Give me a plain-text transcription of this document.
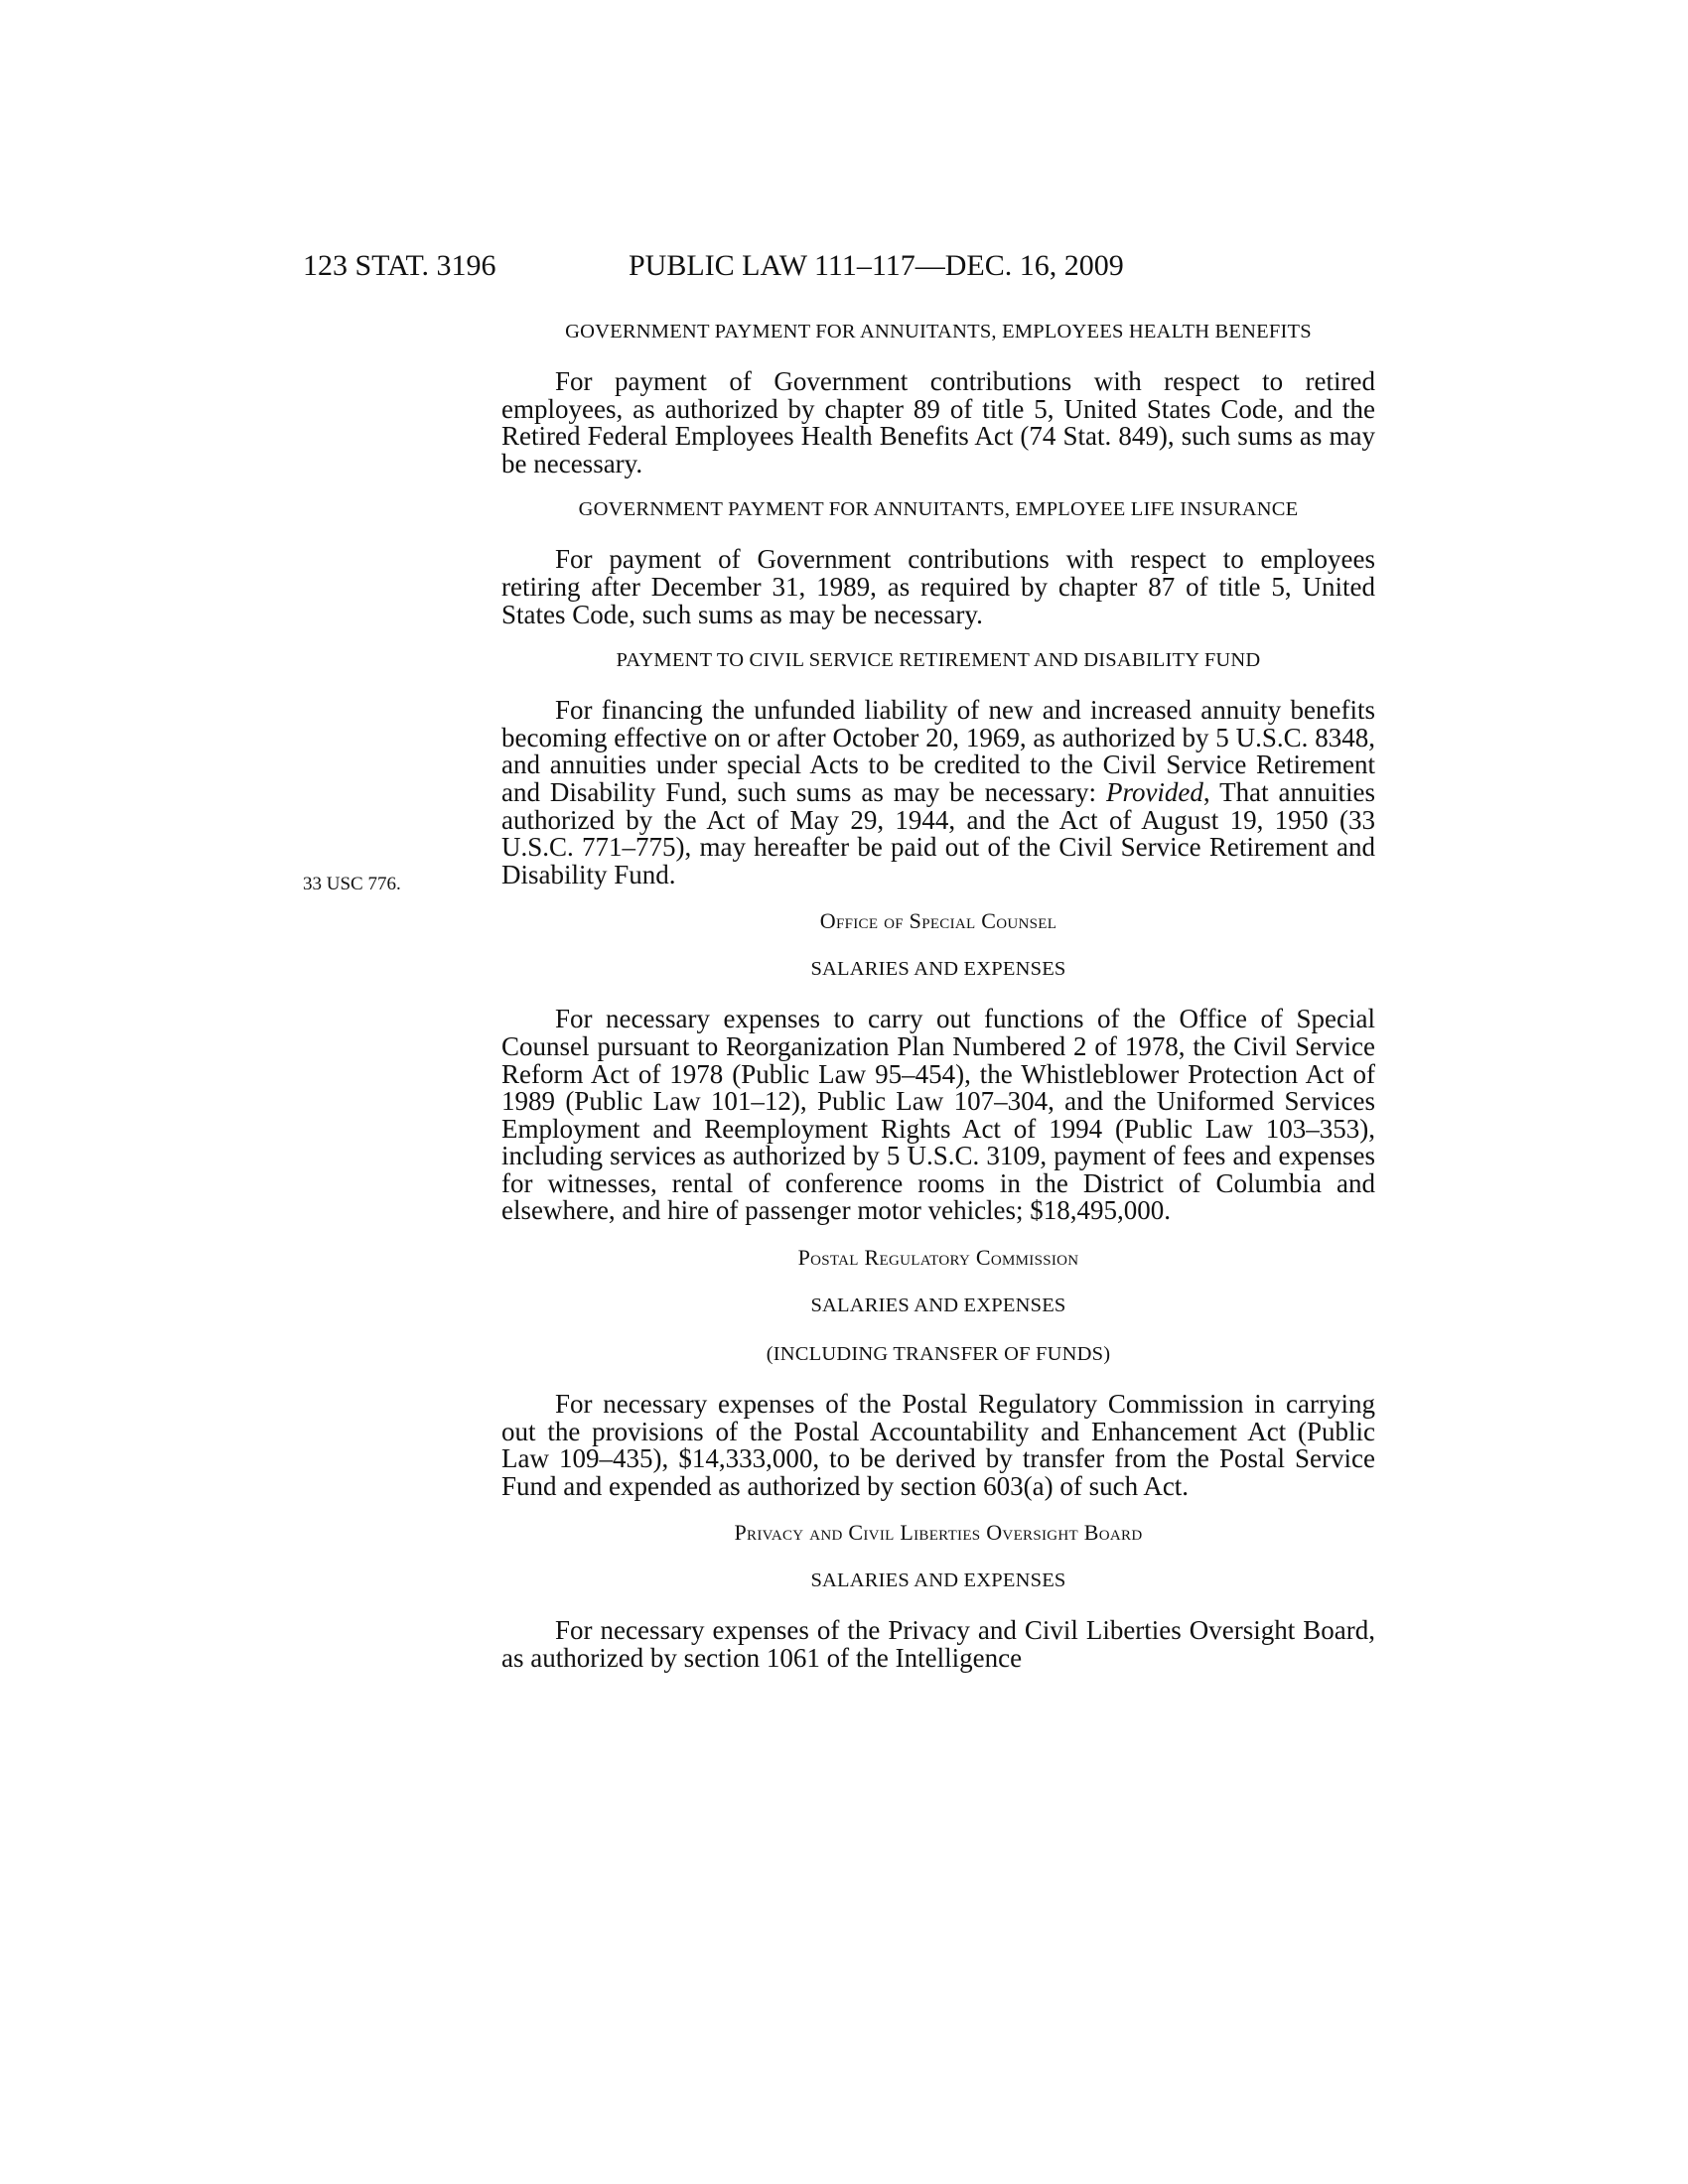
123 STAT. 3196	PUBLIC LAW 111–117—DEC. 16, 2009
33 USC 776.

GOVERNMENT PAYMENT FOR ANNUITANTS, EMPLOYEES HEALTH BENEFITS

For payment of Government contributions with respect to retired employees, as authorized by chapter 89 of title 5, United States Code, and the Retired Federal Employees Health Benefits Act (74 Stat. 849), such sums as may be necessary.

GOVERNMENT PAYMENT FOR ANNUITANTS, EMPLOYEE LIFE INSURANCE

For payment of Government contributions with respect to employees retiring after December 31, 1989, as required by chapter 87 of title 5, United States Code, such sums as may be necessary.

PAYMENT TO CIVIL SERVICE RETIREMENT AND DISABILITY FUND

For financing the unfunded liability of new and increased annuity benefits becoming effective on or after October 20, 1969, as authorized by 5 U.S.C. 8348, and annuities under special Acts to be credited to the Civil Service Retirement and Disability Fund, such sums as may be necessary: Provided, That annuities authorized by the Act of May 29, 1944, and the Act of August 19, 1950 (33 U.S.C. 771–775), may hereafter be paid out of the Civil Service Retirement and Disability Fund.

Office of Special Counsel

SALARIES AND EXPENSES

For necessary expenses to carry out functions of the Office of Special Counsel pursuant to Reorganization Plan Numbered 2 of 1978, the Civil Service Reform Act of 1978 (Public Law 95–454), the Whistleblower Protection Act of 1989 (Public Law 101–12), Public Law 107–304, and the Uniformed Services Employment and Reemployment Rights Act of 1994 (Public Law 103–353), including services as authorized by 5 U.S.C. 3109, payment of fees and expenses for witnesses, rental of conference rooms in the District of Columbia and elsewhere, and hire of passenger motor vehicles; $18,495,000.

Postal Regulatory Commission

SALARIES AND EXPENSES

(INCLUDING TRANSFER OF FUNDS)

For necessary expenses of the Postal Regulatory Commission in carrying out the provisions of the Postal Accountability and Enhancement Act (Public Law 109–435), $14,333,000, to be derived by transfer from the Postal Service Fund and expended as authorized by section 603(a) of such Act.

Privacy and Civil Liberties Oversight Board

SALARIES AND EXPENSES

For necessary expenses of the Privacy and Civil Liberties Oversight Board, as authorized by section 1061 of the Intelligence
